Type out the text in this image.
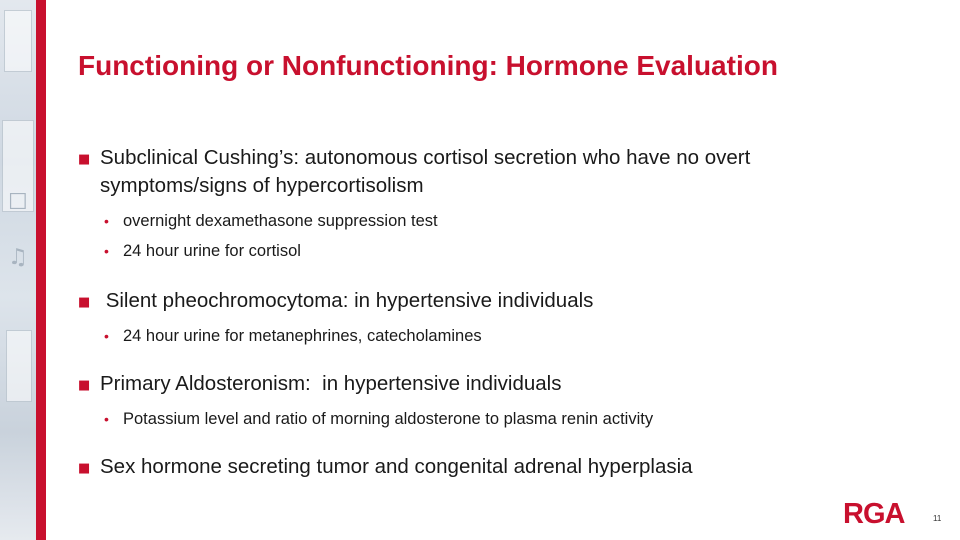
☐
♫
Functioning or Nonfunctioning: Hormone Evaluation
■ Subclinical Cushing’s: autonomous cortisol secretion who have no overt symptoms/signs of hypercortisolism
• overnight dexamethasone suppression test
• 24 hour urine for cortisol
■ Silent pheochromocytoma: in hypertensive individuals
• 24 hour urine for metanephrines, catecholamines
■ Primary Aldosteronism:  in hypertensive individuals
• Potassium level and ratio of morning aldosterone to plasma renin activity
■ Sex hormone secreting tumor and congenital adrenal hyperplasia
RGA	11
